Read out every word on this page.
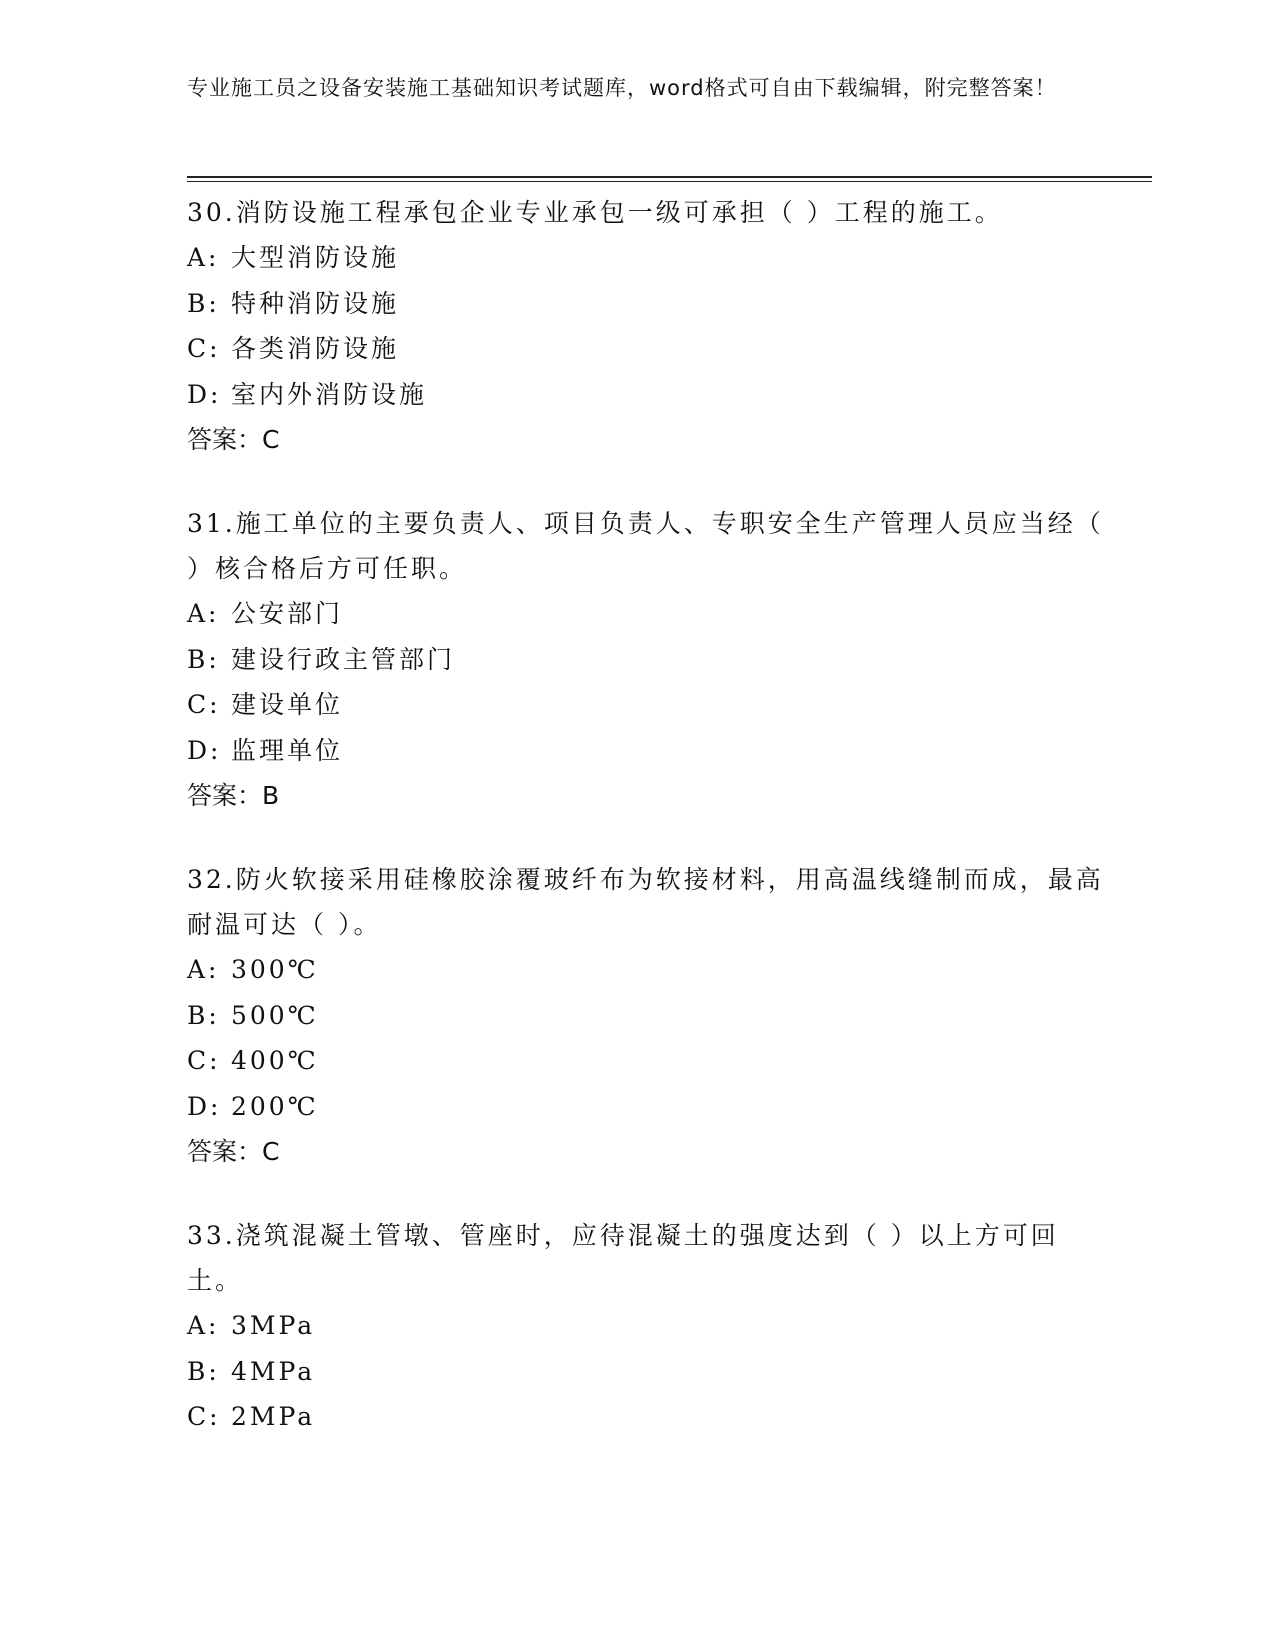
专业施工员之设备安装施工基础知识考试题库，word格式可自由下载编辑，附完整答案！

30.消防设施工程承包企业专业承包一级可承担（ ）工程的施工。

A: 大型消防设施

B: 特种消防设施

C: 各类消防设施

D: 室内外消防设施

答案：C

31.施工单位的主要负责人、项目负责人、专职安全生产管理人员应当经（ ）核合格后方可任职。

A: 公安部门

B: 建设行政主管部门

C: 建设单位

D: 监理单位

答案：B

32.防火软接采用硅橡胶涂覆玻纤布为软接材料，用高温线缝制而成，最高耐温可达（ ）。

A: 300℃

B: 500℃

C: 400℃

D: 200℃

答案：C

33.浇筑混凝土管墩、管座时，应待混凝土的强度达到（ ）以上方可回土。

A: 3MPa

B: 4MPa

C: 2MPa
